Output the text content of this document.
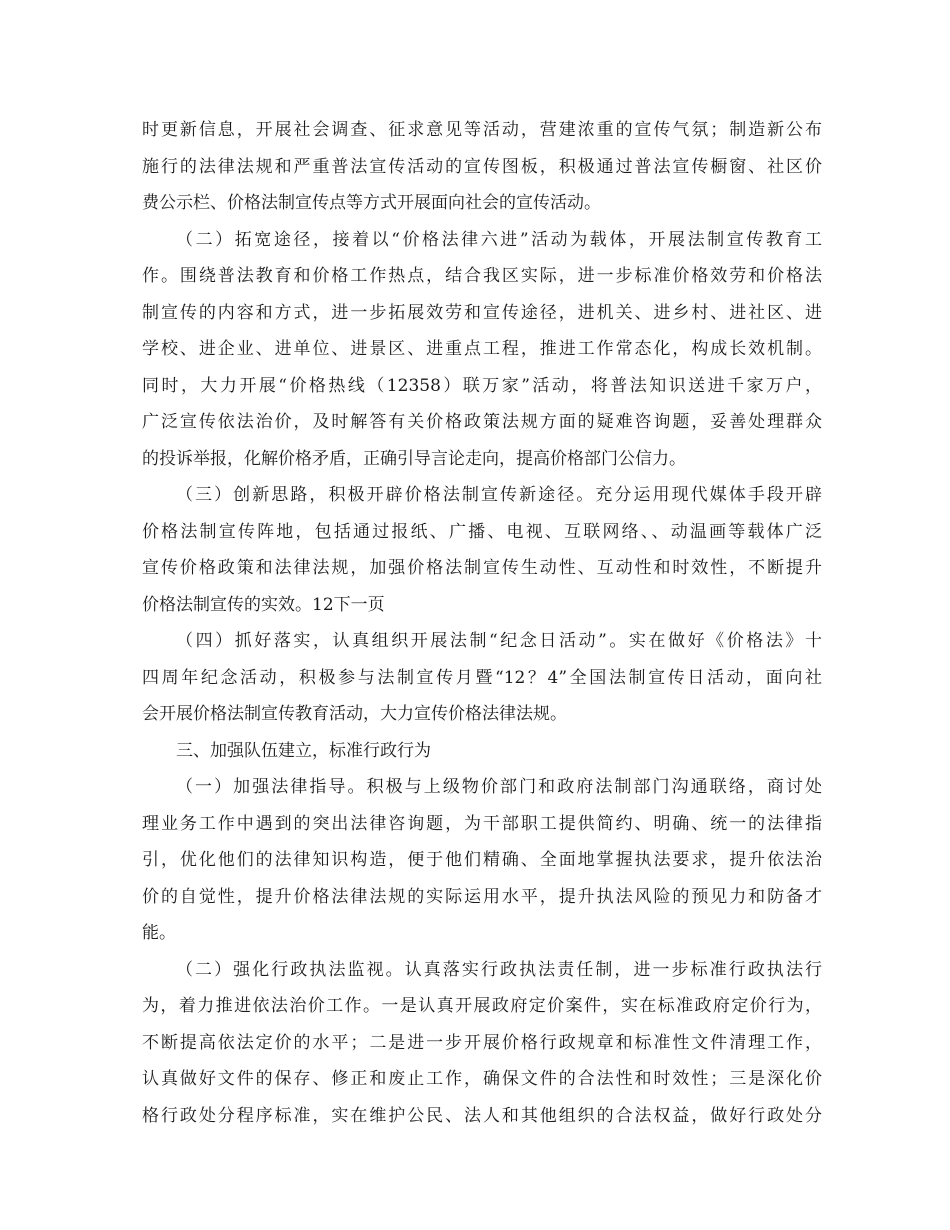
时更新信息，开展社会调查、征求意见等活动，营建浓重的宣传气氛；制造新公布
施行的法律法规和严重普法宣传活动的宣传图板，积极通过普法宣传橱窗、社区价
费公示栏、价格法制宣传点等方式开展面向社会的宣传活动。
（二）拓宽途径，接着以“价格法律六进”活动为载体，开展法制宣传教育工
作。围绕普法教育和价格工作热点，结合我区实际，进一步标准价格效劳和价格法
制宣传的内容和方式，进一步拓展效劳和宣传途径，进机关、进乡村、进社区、进
学校、进企业、进单位、进景区、进重点工程，推进工作常态化，构成长效机制。
同时，大力开展“价格热线（12358）联万家”活动，将普法知识送进千家万户，
广泛宣传依法治价，及时解答有关价格政策法规方面的疑难咨询题，妥善处理群众
的投诉举报，化解价格矛盾，正确引导言论走向，提高价格部门公信力。
（三）创新思路，积极开辟价格法制宣传新途径。充分运用现代媒体手段开辟
价格法制宣传阵地，包括通过报纸、广播、电视、互联网络、、动温画等载体广泛
宣传价格政策和法律法规，加强价格法制宣传生动性、互动性和时效性，不断提升
价格法制宣传的实效。12下一页
（四）抓好落实，认真组织开展法制“纪念日活动”。实在做好《价格法》十
四周年纪念活动，积极参与法制宣传月暨“12？4”全国法制宣传日活动，面向社
会开展价格法制宣传教育活动，大力宣传价格法律法规。
三、加强队伍建立，标准行政行为
（一）加强法律指导。积极与上级物价部门和政府法制部门沟通联络，商讨处
理业务工作中遇到的突出法律咨询题，为干部职工提供简约、明确、统一的法律指
引，优化他们的法律知识构造，便于他们精确、全面地掌握执法要求，提升依法治
价的自觉性，提升价格法律法规的实际运用水平，提升执法风险的预见力和防备才
能。
（二）强化行政执法监视。认真落实行政执法责任制，进一步标准行政执法行
为，着力推进依法治价工作。一是认真开展政府定价案件，实在标准政府定价行为，
不断提高依法定价的水平；二是进一步开展价格行政规章和标准性文件清理工作，
认真做好文件的保存、修正和废止工作，确保文件的合法性和时效性；三是深化价
格行政处分程序标准，实在维护公民、法人和其他组织的合法权益，做好行政处分
